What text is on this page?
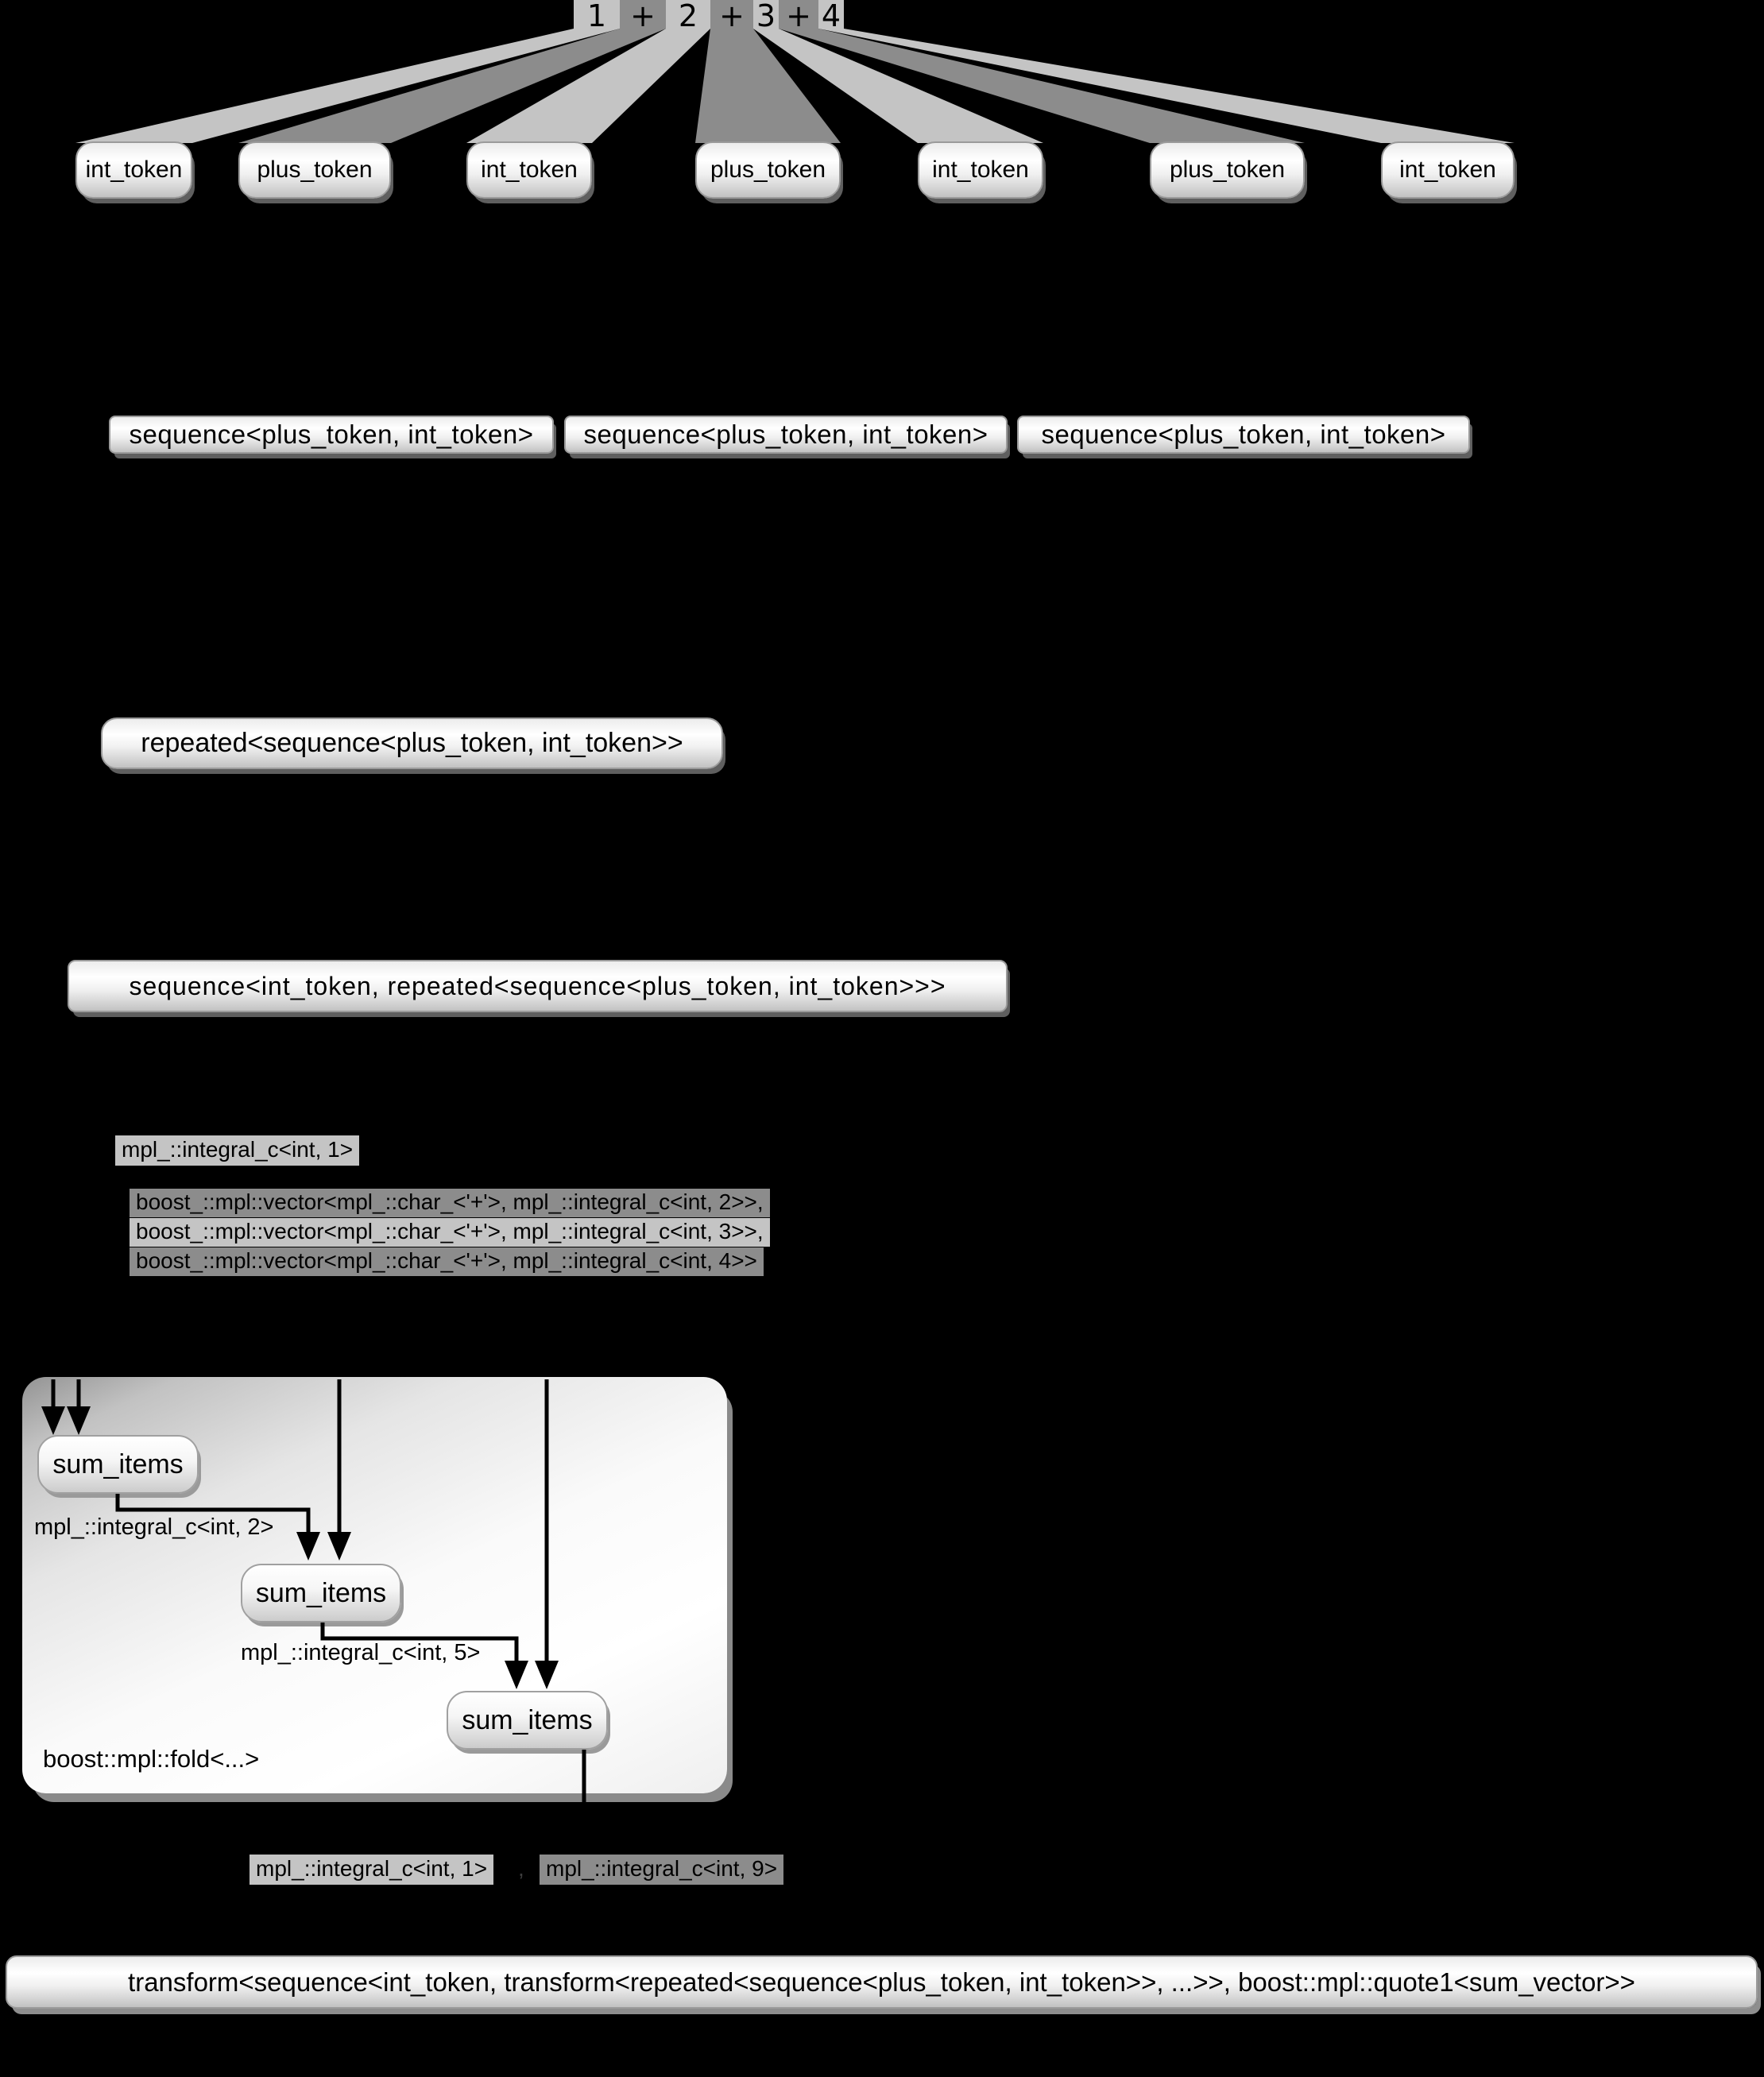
1 + 2 + 3 + 4
int_token	plus_token	int_token	plus_token	int_token	plus_token	int_token
sequence<plus_token, int_token>	sequence<plus_token, int_token>	sequence<plus_token, int_token>
repeated<sequence<plus_token, int_token>>
sequence<int_token, repeated<sequence<plus_token, int_token>>>
mpl_::integral_c<int, 1>
boost_::mpl::vector<mpl_::char_<'+'>, mpl_::integral_c<int, 2>>,
boost_::mpl::vector<mpl_::char_<'+'>, mpl_::integral_c<int, 3>>,
boost_::mpl::vector<mpl_::char_<'+'>, mpl_::integral_c<int, 4>>
sum_items
sum_items
sum_items
mpl_::integral_c<int, 2>
mpl_::integral_c<int, 5>
boost::mpl::fold<...>
mpl_::integral_c<int, 1> , mpl_::integral_c<int, 9>
transform<sequence<int_token, transform<repeated<sequence<plus_token, int_token>>, ...>>, boost::mpl::quote1<sum_vector>>
